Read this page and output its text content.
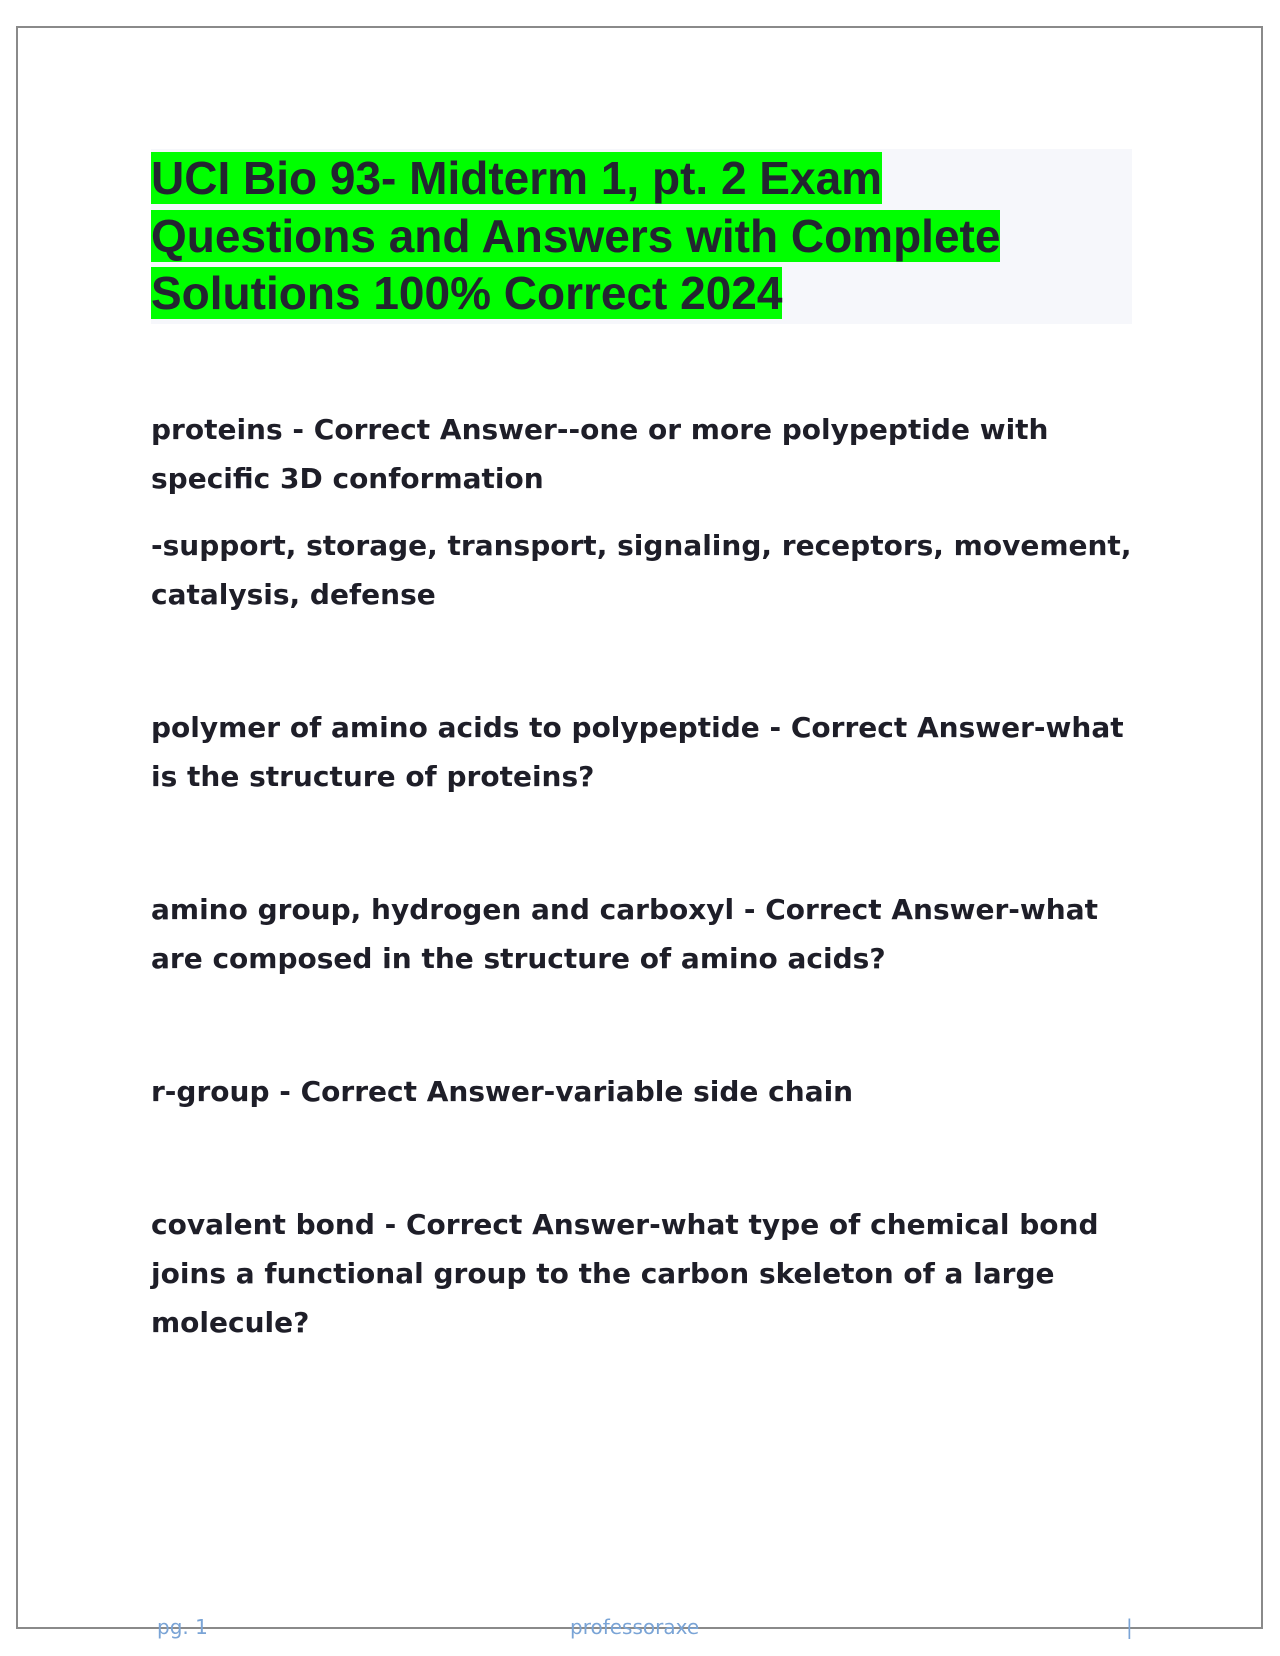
UCI Bio 93- Midterm 1, pt. 2 Exam
Questions and Answers with Complete
Solutions 100% Correct 2024

proteins - Correct Answer--one or more polypeptide with
specific 3D conformation

-support, storage, transport, signaling, receptors, movement,
catalysis, defense

polymer of amino acids to polypeptide - Correct Answer-what
is the structure of proteins?

amino group, hydrogen and carboxyl - Correct Answer-what
are composed in the structure of amino acids?

r-group - Correct Answer-variable side chain

covalent bond - Correct Answer-what type of chemical bond
joins a functional group to the carbon skeleton of a large
molecule?

pg. 1	professoraxe	|
